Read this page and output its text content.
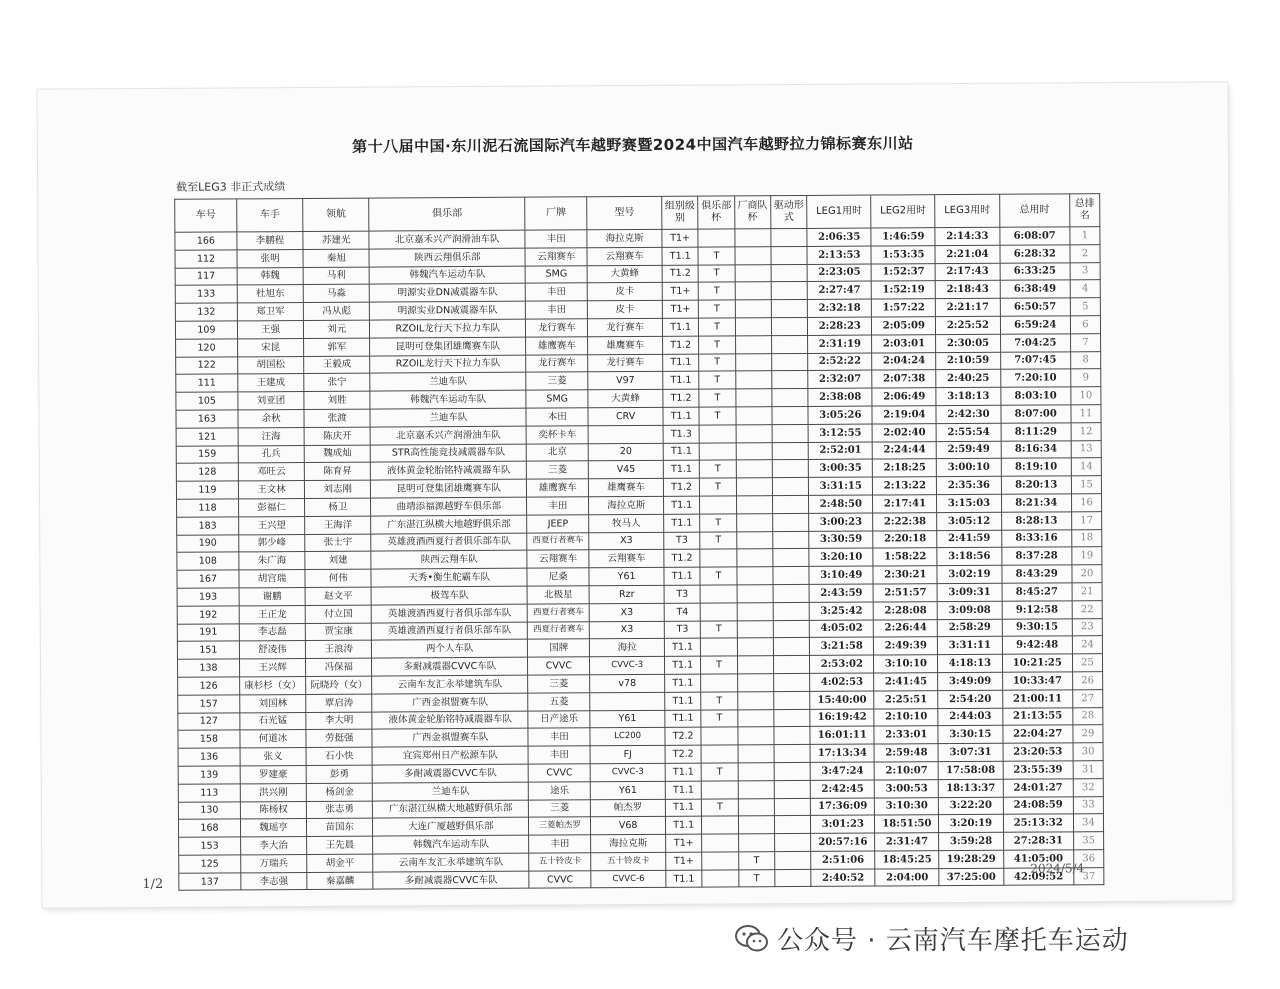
第十八届中国·东川泥石流国际汽车越野赛暨2024中国汽车越野拉力锦标赛东川站
截至LEG3 非正式成绩
车号	车手	领航	俱乐部	厂牌	型号	组别级别	俱乐部杯	厂商队杯	驱动形式	LEG1用时	LEG2用时	LEG3用时	总用时	总排名
166	李鹏程	苏建光	北京嘉禾兴产润滑油车队	丰田	海拉克斯	T1+				2:06:35	1:46:59	2:14:33	6:08:07	1
112	张明	秦旭	陕西云翔俱乐部	云翔赛车	云翔赛车	T1.1	T			2:13:53	1:53:35	2:21:04	6:28:32	2
117	韩魏	马利	韩魏汽车运动车队	SMG	大黄蜂	T1.2	T			2:23:05	1:52:37	2:17:43	6:33:25	3
133	杜旭东	马淼	明源实业DN减震器车队	丰田	皮卡	T1+	T			2:27:47	1:52:19	2:18:43	6:38:49	4
132	郑卫军	冯从彪	明源实业DN减震器车队	丰田	皮卡	T1+	T			2:32:18	1:57:22	2:21:17	6:50:57	5
109	王强	刘元	RZOIL龙行天下拉力车队	龙行赛车	龙行赛车	T1.1	T			2:28:23	2:05:09	2:25:52	6:59:24	6
120	宋昆	郭军	昆明可登集团雄鹰赛车队	雄鹰赛车	雄鹰赛车	T1.2	T			2:31:19	2:03:01	2:30:05	7:04:25	7
122	胡国松	王毅成	RZOIL龙行天下拉力车队	龙行赛车	龙行赛车	T1.1	T			2:52:22	2:04:24	2:10:59	7:07:45	8
111	王建成	张宁	兰迪车队	三菱	V97	T1.1	T			2:32:07	2:07:38	2:40:25	7:20:10	9
105	刘亚团	刘胜	韩魏汽车运动车队	SMG	大黄蜂	T1.2	T			2:38:08	2:06:49	3:18:13	8:03:10	10
163	余秋	张渡	兰迪车队	本田	CRV	T1.1	T			3:05:26	2:19:04	2:42:30	8:07:00	11
121	汪海	陈庆开	北京嘉禾兴产润滑油车队	奕杯卡车		T1.3				3:12:55	2:02:40	2:55:54	8:11:29	12
159	孔兵	魏成灿	STR高性能竞技减震器车队	北京	20	T1.1				2:52:01	2:24:44	2:59:49	8:16:34	13
128	邓旺云	陈育昇	液体黄金轮胎铭特减震器车队	三菱	V45	T1.1	T			3:00:35	2:18:25	3:00:10	8:19:10	14
119	王文林	刘志刚	昆明可登集团雄鹰赛车队	雄鹰赛车	雄鹰赛车	T1.2	T			3:31:15	2:13:22	2:35:36	8:20:13	15
118	彭福仁	杨卫	曲靖添福源越野车俱乐部	丰田	海拉克斯	T1.1				2:48:50	2:17:41	3:15:03	8:21:34	16
183	王兴望	王海洋	广东湛江纵横大地越野俱乐部	JEEP	牧马人	T1.1	T			3:00:23	2:22:38	3:05:12	8:28:13	17
190	郭少峰	张士宇	英雄渡酒西夏行者俱乐部车队	西夏行者赛车	X3	T3	T			3:30:59	2:20:18	2:41:59	8:33:16	18
108	朱广海	刘建	陕西云翔车队	云翔赛车	云翔赛车	T1.2				3:20:10	1:58:22	3:18:56	8:37:28	19
167	胡宫瑞	何伟	天秀•衡生舵霸车队	尼桑	Y61	T1.1	T			3:10:49	2:30:21	3:02:19	8:43:29	20
193	谢鹏	赵文平	极驾车队	北极星	Rzr	T3				2:43:59	2:51:57	3:09:31	8:45:27	21
192	王正龙	付立国	英雄渡酒西夏行者俱乐部车队	西夏行者赛车	X3	T4				3:25:42	2:28:08	3:09:08	9:12:58	22
191	李志磊	贾宝康	英雄渡酒西夏行者俱乐部车队	西夏行者赛车	X3	T3	T			4:05:02	2:26:44	2:58:29	9:30:15	23
151	舒凌伟	王浪涛	两个人车队	国牌	海拉	T1.1				3:21:58	2:49:39	3:31:11	9:42:48	24
138	王兴辉	冯保福	多耐减震器CVVC车队	CVVC	CVVC-3	T1.1	T			2:53:02	3:10:10	4:18:13	10:21:25	25
126	康杉杉（女）	阮晓玲（女）	云南车友汇永举建筑车队	三菱	v78	T1.1				4:02:53	2:41:45	3:49:09	10:33:47	26
157	刘国林	覃启涛	广西金祺盟赛车队	五菱		T1.1	T			15:40:00	2:25:51	2:54:20	21:00:11	27
127	石光锰	李大明	液体黄金轮胎铭特减震器车队	日产途乐	Y61	T1.1	T			16:19:42	2:10:10	2:44:03	21:13:55	28
158	何道冰	劳挺强	广西金祺盟赛车队	丰田	LC200	T2.2				16:01:11	2:33:01	3:30:15	22:04:27	29
136	张义	石小快	宜宾郑州日产松源车队	丰田	FJ	T2.2				17:13:34	2:59:48	3:07:31	23:20:53	30
139	罗建豪	彭勇	多耐减震器CVVC车队	CVVC	CVVC-3	T1.1	T			3:47:24	2:10:07	17:58:08	23:55:39	31
113	洪兴刚	杨剑金	兰迪车队	途乐	Y61	T1.1				2:42:45	3:00:53	18:13:37	24:01:27	32
130	陈杨权	张志勇	广东湛江纵横大地越野俱乐部	三菱	帕杰罗	T1.1	T			17:36:09	3:10:30	3:22:20	24:08:59	33
168	魏瑶亨	苗国东	大连广厦越野俱乐部	三菱帕杰罗	V68	T1.1				3:01:23	18:51:50	3:20:19	25:13:32	34
153	李大治	王先晨	韩魏汽车运动车队	丰田	海拉克斯	T1+				20:57:16	2:31:47	3:59:28	27:28:31	35
125	万瑞兵	胡金平	云南车友汇永举建筑车队	五十铃皮卡	五十铃皮卡	T1+		T		2:51:06	18:45:25	19:28:29	41:05:00	36
137	李志强	秦嘉麟	多耐减震器CVVC车队	CVVC	CVVC-6	T1.1		T		2:40:52	2:04:00	37:25:00	42:09:52	37
1/2
2024/5/4
公众号 · 云南汽车摩托车运动
